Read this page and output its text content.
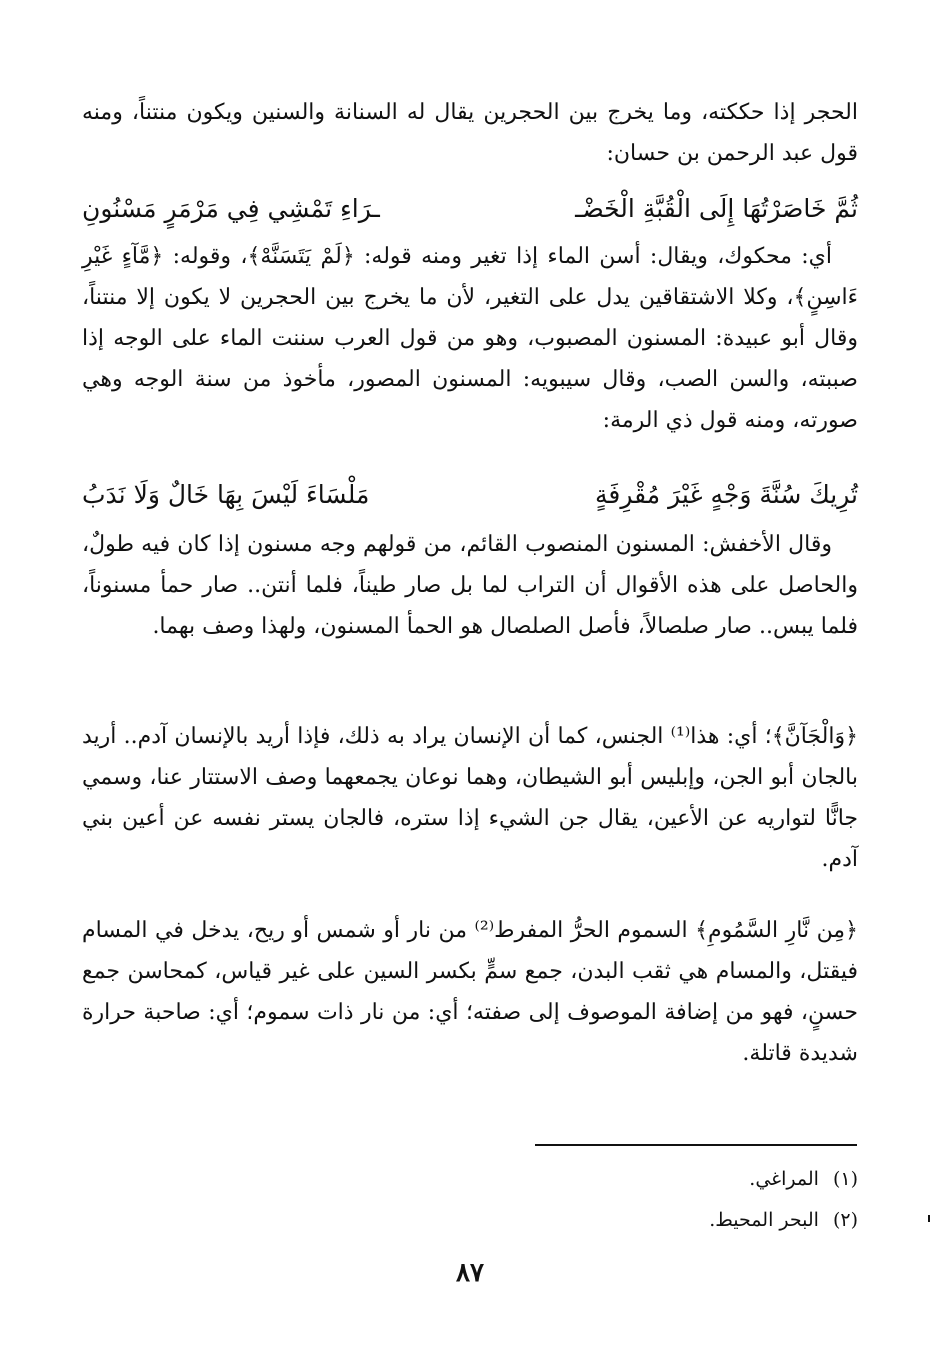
الحجر إذا حككته، وما يخرج بين الحجرين يقال له السنانة والسنين ويكون منتناً، ومنه قول عبد الرحمن بن حسان:
ثُمَّ خَاصَرْتُهَا إِلَى الْقُبَّةِ الْخَضْـ
ـرَاءِ تَمْشِي فِي مَرْمَرٍ مَسْنُونِ
أي: محكوك، ويقال: أسن الماء إذا تغير ومنه قوله: ﴿لَمْ يَتَسَنَّهْ﴾، وقوله: ﴿مَّآءٍ غَيْرِ ءَاسِنٍ﴾، وكلا الاشتقاقين يدل على التغير، لأن ما يخرج بين الحجرين لا يكون إلا منتناً، وقال أبو عبيدة: المسنون المصبوب، وهو من قول العرب سننت الماء على الوجه إذا صببته، والسن الصب، وقال سيبويه: المسنون المصور، مأخوذ من سنة الوجه وهي صورته، ومنه قول ذي الرمة:
تُرِيكَ سُنَّةَ وَجْهٍ غَيْرَ مُقْرِفَةٍ
مَلْسَاءَ لَيْسَ بِهَا خَالٌ وَلَا نَدَبُ
وقال الأخفش: المسنون المنصوب القائم، من قولهم وجه مسنون إذا كان فيه طولٌ، والحاصل على هذه الأقوال أن التراب لما بل صار طيناً، فلما أنتن.. صار حمأ مسنوناً، فلما يبس.. صار صلصالاً، فأصل الصلصال هو الحمأ المسنون، ولهذا وصف بهما.
﴿وَالْجَآنَّ﴾؛ أي: هذا⁽¹⁾ الجنس، كما أن الإنسان يراد به ذلك، فإذا أريد بالإنسان آدم.. أريد بالجان أبو الجن، وإبليس أبو الشيطان، وهما نوعان يجمعهما وصف الاستتار عنا، وسمي جانًّا لتواريه عن الأعين، يقال جن الشيء إذا ستره، فالجان يستر نفسه عن أعين بني آدم.
﴿مِن نَّارِ السَّمُومِ﴾ السموم الحرُّ المفرط⁽²⁾ من نار أو شمس أو ريح، يدخل في المسام فيقتل، والمسام هي ثقب البدن، جمع سمٍّ بكسر السين على غير قياس، كمحاسن جمع حسنٍ، فهو من إضافة الموصوف إلى صفته؛ أي: من نار ذات سموم؛ أي: صاحبة حرارة شديدة قاتلة.
(١)المراغي.
(٢)البحر المحيط.
٨٧
